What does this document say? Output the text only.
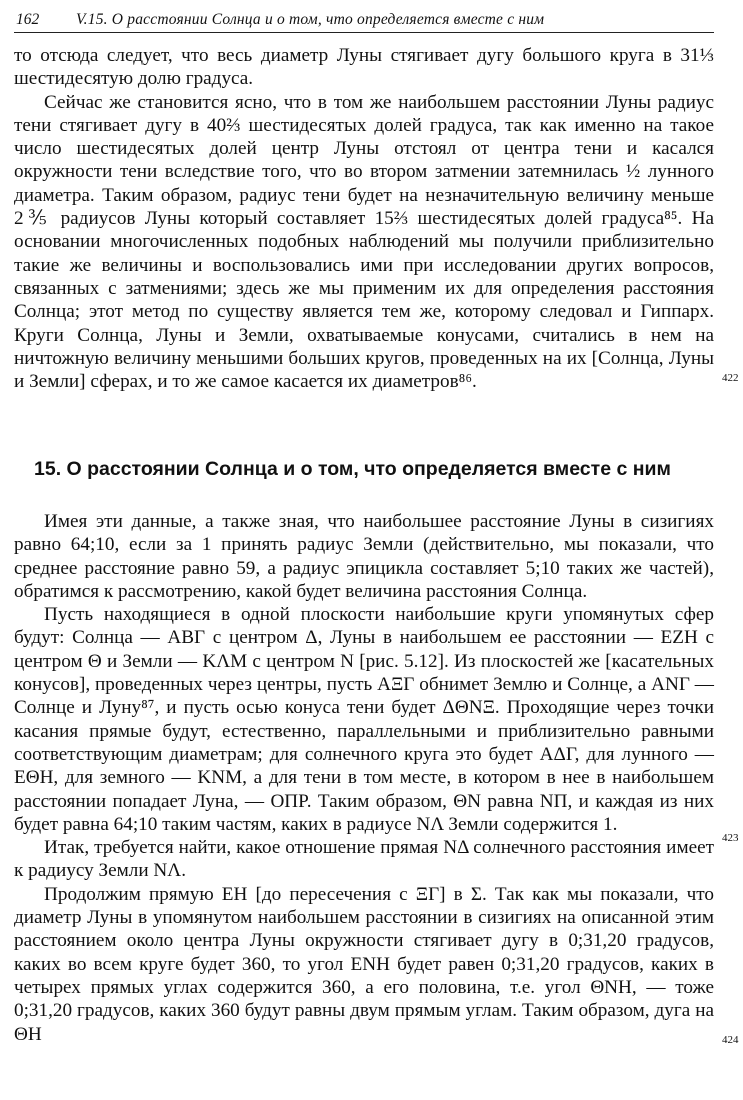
162 V.15. О расстоянии Солнца и о том, что определяется вместе с ним

то отсюда следует, что весь диаметр Луны стягивает дугу большого круга в 31⅓ шестидесятую долю градуса.

Сейчас же становится ясно, что в том же наибольшем расстоянии Луны радиус тени стягивает дугу в 40⅔ шестидесятых долей градуса, так как именно на такое число шестидесятых долей центр Луны отстоял от центра тени и касался окружности тени вследствие того, что во втором затмении затемнилась ½ лунного диаметра. Таким образом, радиус тени будет на незначительную величину меньше 2⅗ радиусов Луны который составляет 15⅔ шестидесятых долей градуса⁸⁵. На основании многочисленных подобных наблюдений мы получили приблизительно такие же величины и воспользовались ими при исследовании других вопросов, связанных с затмениями; здесь же мы применим их для определения расстояния Солнца; этот метод по существу является тем же, которому следовал и Гиппарх. Круги Солнца, Луны и Земли, охватываемые конусами, считались в нем на ничтожную величину меньшими больших кругов, проведенных на их [Солнца, Луны и Земли] сферах, и то же самое касается их диаметров⁸⁶.	422
15. О расстоянии Солнца и о том, что определяется вместе с ним

Имея эти данные, а также зная, что наибольшее расстояние Луны в сизигиях равно 64;10, если за 1 принять радиус Земли (действительно, мы показали, что среднее расстояние равно 59, а радиус эпицикла составляет 5;10 таких же частей), обратимся к рассмотрению, какой будет величина расстояния Солнца.

Пусть находящиеся в одной плоскости наибольшие круги упомянутых сфер будут: Солнца — ΑΒΓ с центром Δ, Луны в наибольшем ее расстоянии — ΕΖΗ с центром Θ и Земли — ΚΛΜ с центром Ν [рис. 5.12]. Из плоскостей же [касательных конусов], проведенных через центры, пусть ΑΞΓ обнимет Землю и Солнце, а ΑΝΓ — Солнце и Луну⁸⁷, и пусть осью конуса тени будет ΔΘΝΞ. Проходящие через точки касания прямые будут, естественно, параллельными и приблизительно равными соответствующим диаметрам; для солнечного круга это будет ΑΔΓ, для лунного — ΕΘΗ, для земного — ΚΝΜ, а для тени в том месте, в котором в нее в наибольшем расстоянии попадает Луна, — ΟΠΡ. Таким образом, ΘΝ равна ΝΠ, и каждая из них будет равна 64;10 таким частям, каких в радиусе ΝΛ Земли содержится 1.

Итак, требуется найти, какое отношение прямая ΝΔ солнечного расстояния имеет к радиусу Земли ΝΛ.

Продолжим прямую ΕΗ [до пересечения с ΞΓ] в Σ. Так как мы показали, что диаметр Луны в упомянутом наибольшем расстоянии в сизигиях на описанной этим расстоянием около центра Луны окружности стягивает дугу в 0;31,20 градусов, каких во всем круге будет 360, то угол ΕΝΗ будет равен 0;31,20 градусов, каких в четырех прямых углах содержится 360, а его половина, т.е. угол ΘΝΗ, — тоже 0;31,20 градусов, каких 360 будут равны двум прямым углам. Таким образом, дуга на ΘΗ

423
424
